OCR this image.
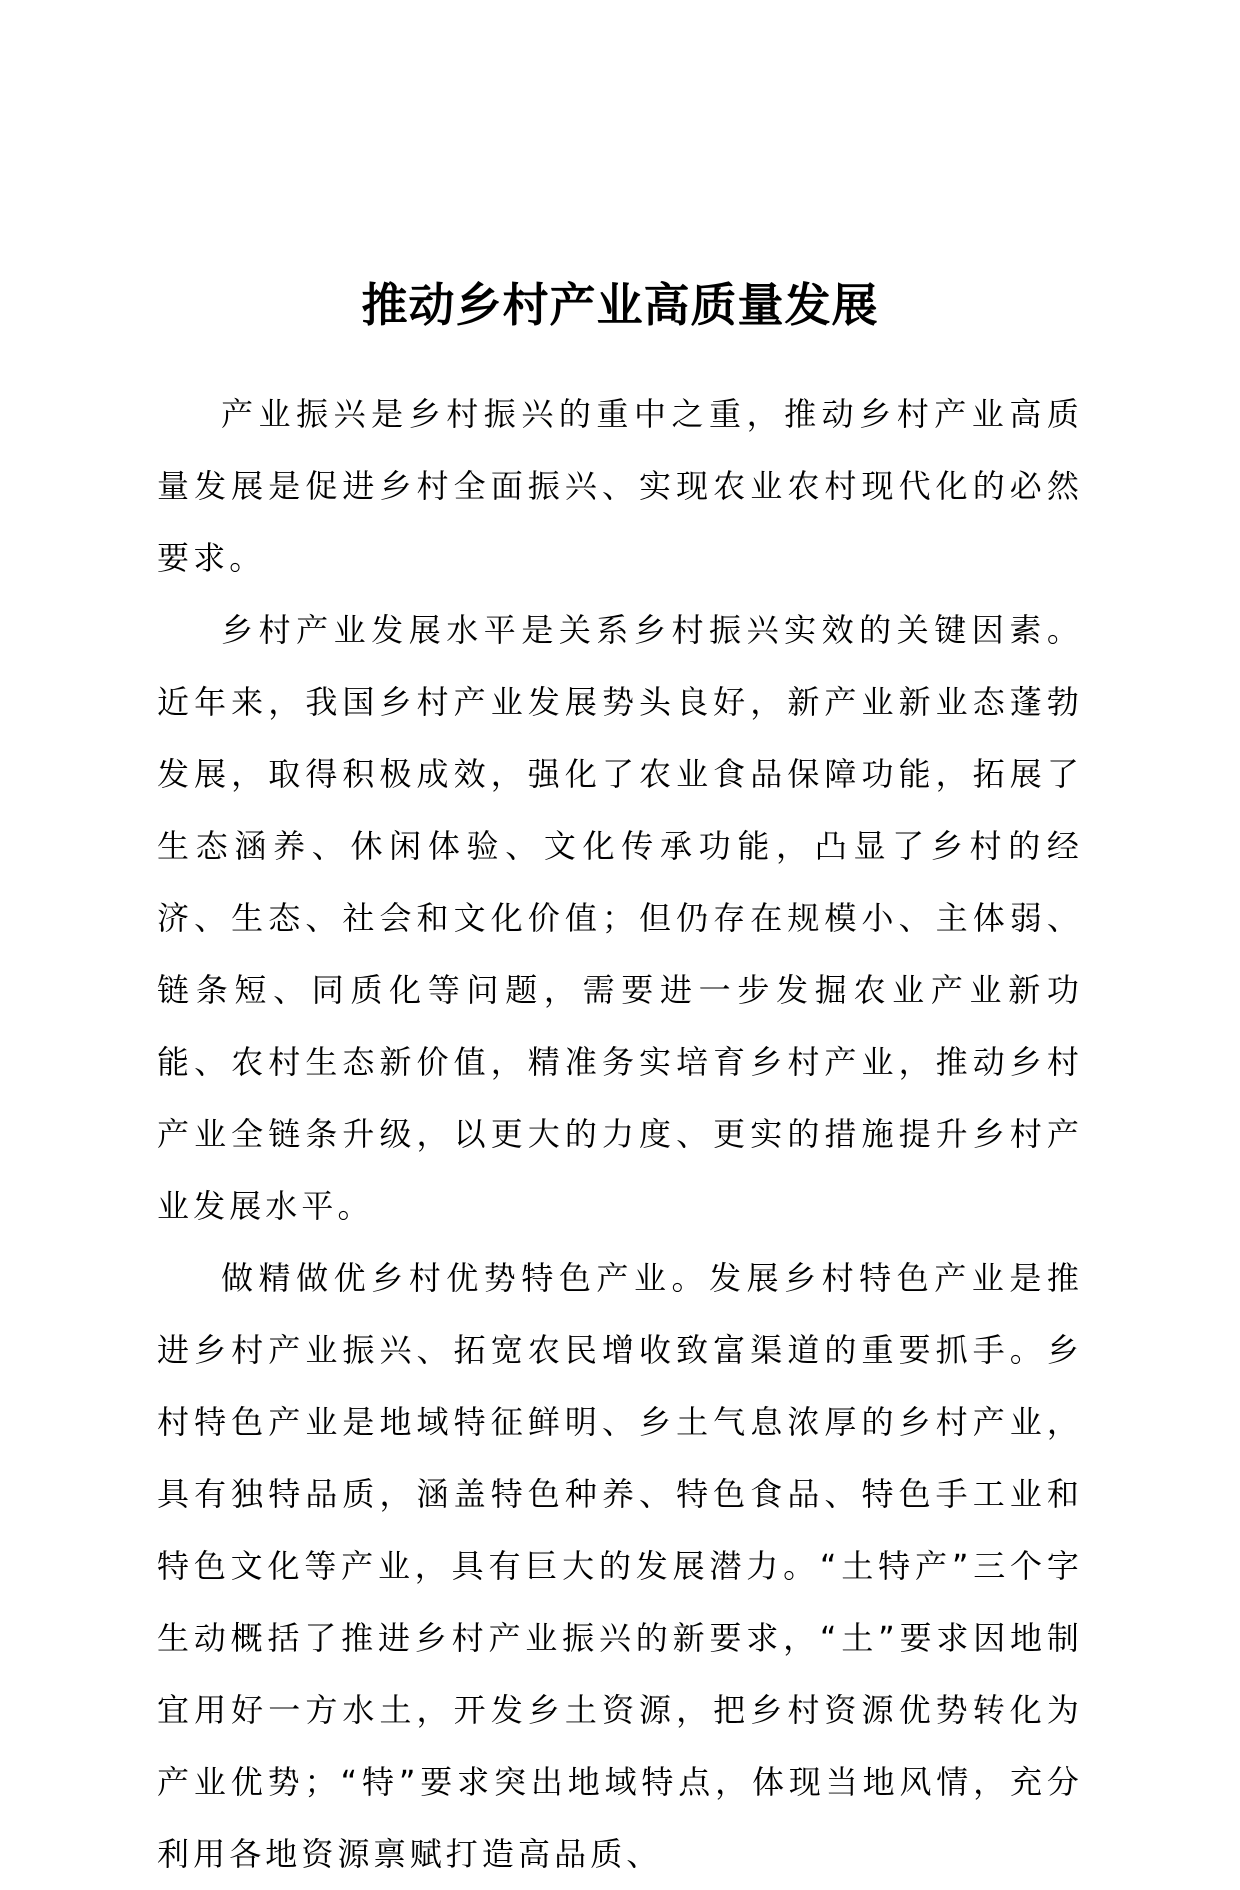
推动乡村产业高质量发展

产业振兴是乡村振兴的重中之重，推动乡村产业高质量发展是促进乡村全面振兴、实现农业农村现代化的必然要求。

乡村产业发展水平是关系乡村振兴实效的关键因素。近年来，我国乡村产业发展势头良好，新产业新业态蓬勃发展，取得积极成效，强化了农业食品保障功能，拓展了生态涵养、休闲体验、文化传承功能，凸显了乡村的经济、生态、社会和文化价值；但仍存在规模小、主体弱、链条短、同质化等问题，需要进一步发掘农业产业新功能、农村生态新价值，精准务实培育乡村产业，推动乡村产业全链条升级，以更大的力度、更实的措施提升乡村产业发展水平。

做精做优乡村优势特色产业。发展乡村特色产业是推进乡村产业振兴、拓宽农民增收致富渠道的重要抓手。乡村特色产业是地域特征鲜明、乡土气息浓厚的乡村产业，具有独特品质，涵盖特色种养、特色食品、特色手工业和特色文化等产业，具有巨大的发展潜力。“土特产”三个字生动概括了推进乡村产业振兴的新要求，“土”要求因地制宜用好一方水土，开发乡土资源，把乡村资源优势转化为产业优势；“特”要求突出地域特点，体现当地风情，充分利用各地资源禀赋打造高品质、
